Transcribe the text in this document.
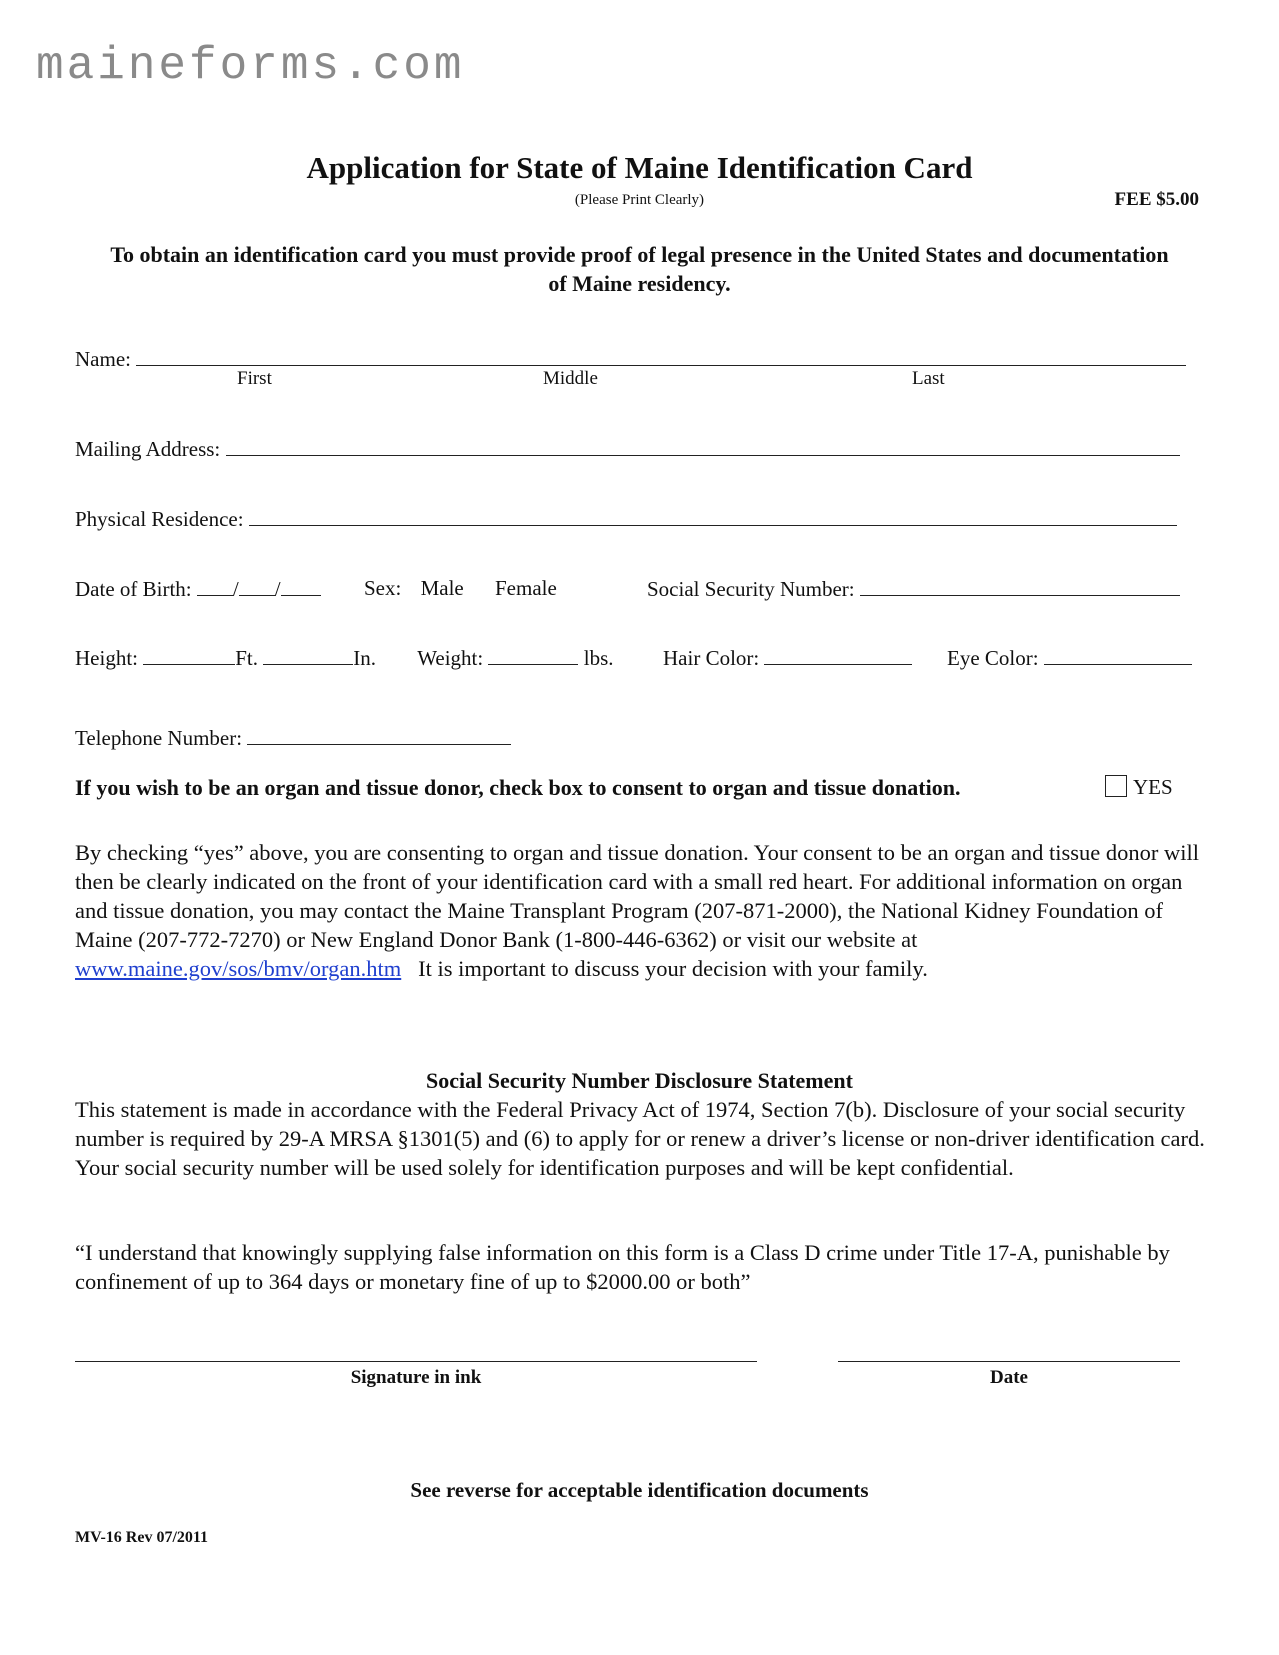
maineforms.com
Application for State of Maine Identification Card
(Please Print Clearly)	FEE $5.00
To obtain an identification card you must provide proof of legal presence in the United States and documentation of Maine residency.
Name:
First	Middle	Last
Mailing Address:
Physical Residence:
Date of Birth: / /	Sex: Male Female	Social Security Number:
Height:	Ft.	In. Weight:	lbs.	Hair Color:	Eye Color:
Telephone Number:
If you wish to be an organ and tissue donor, check box to consent to organ and tissue donation.	YES
By checking “yes” above, you are consenting to organ and tissue donation. Your consent to be an organ and tissue donor will then be clearly indicated on the front of your identification card with a small red heart. For additional information on organ and tissue donation, you may contact the Maine Transplant Program (207-871-2000), the National Kidney Foundation of Maine (207-772-7270) or New England Donor Bank (1-800-446-6362) or visit our website at www.maine.gov/sos/bmv/organ.htm It is important to discuss your decision with your family.
Social Security Number Disclosure Statement
This statement is made in accordance with the Federal Privacy Act of 1974, Section 7(b). Disclosure of your social security number is required by 29-A MRSA §1301(5) and (6) to apply for or renew a driver’s license or non-driver identification card. Your social security number will be used solely for identification purposes and will be kept confidential.
“I understand that knowingly supplying false information on this form is a Class D crime under Title 17-A, punishable by confinement of up to 364 days or monetary fine of up to $2000.00 or both”
Signature in ink	Date
See reverse for acceptable identification documents
MV-16 Rev 07/2011
